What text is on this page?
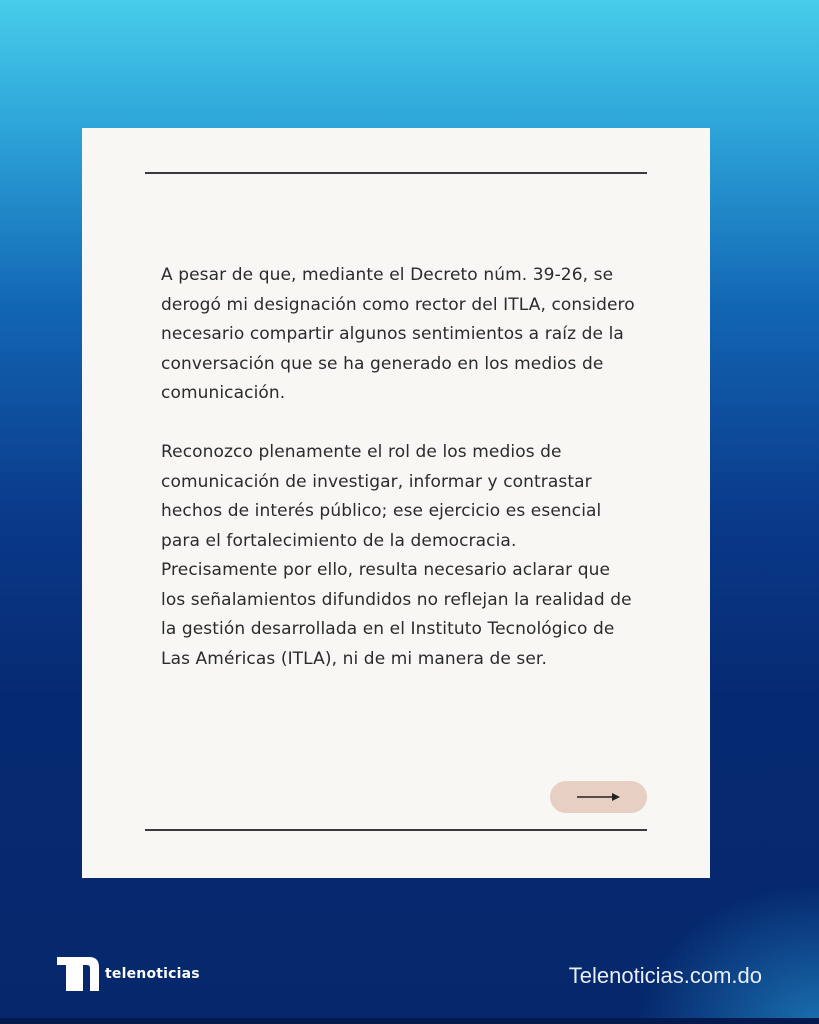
A pesar de que, mediante el Decreto núm. 39-26, se derogó mi designación como rector del ITLA, considero necesario compartir algunos sentimientos a raíz de la conversación que se ha generado en los medios de comunicación.

Reconozco plenamente el rol de los medios de comunicación de investigar, informar y contrastar hechos de interés público; ese ejercicio es esencial para el fortalecimiento de la democracia. Precisamente por ello, resulta necesario aclarar que los señalamientos difundidos no reflejan la realidad de la gestión desarrollada en el Instituto Tecnológico de Las Américas (ITLA), ni de mi manera de ser.

telenoticias	Telenoticias.com.do
